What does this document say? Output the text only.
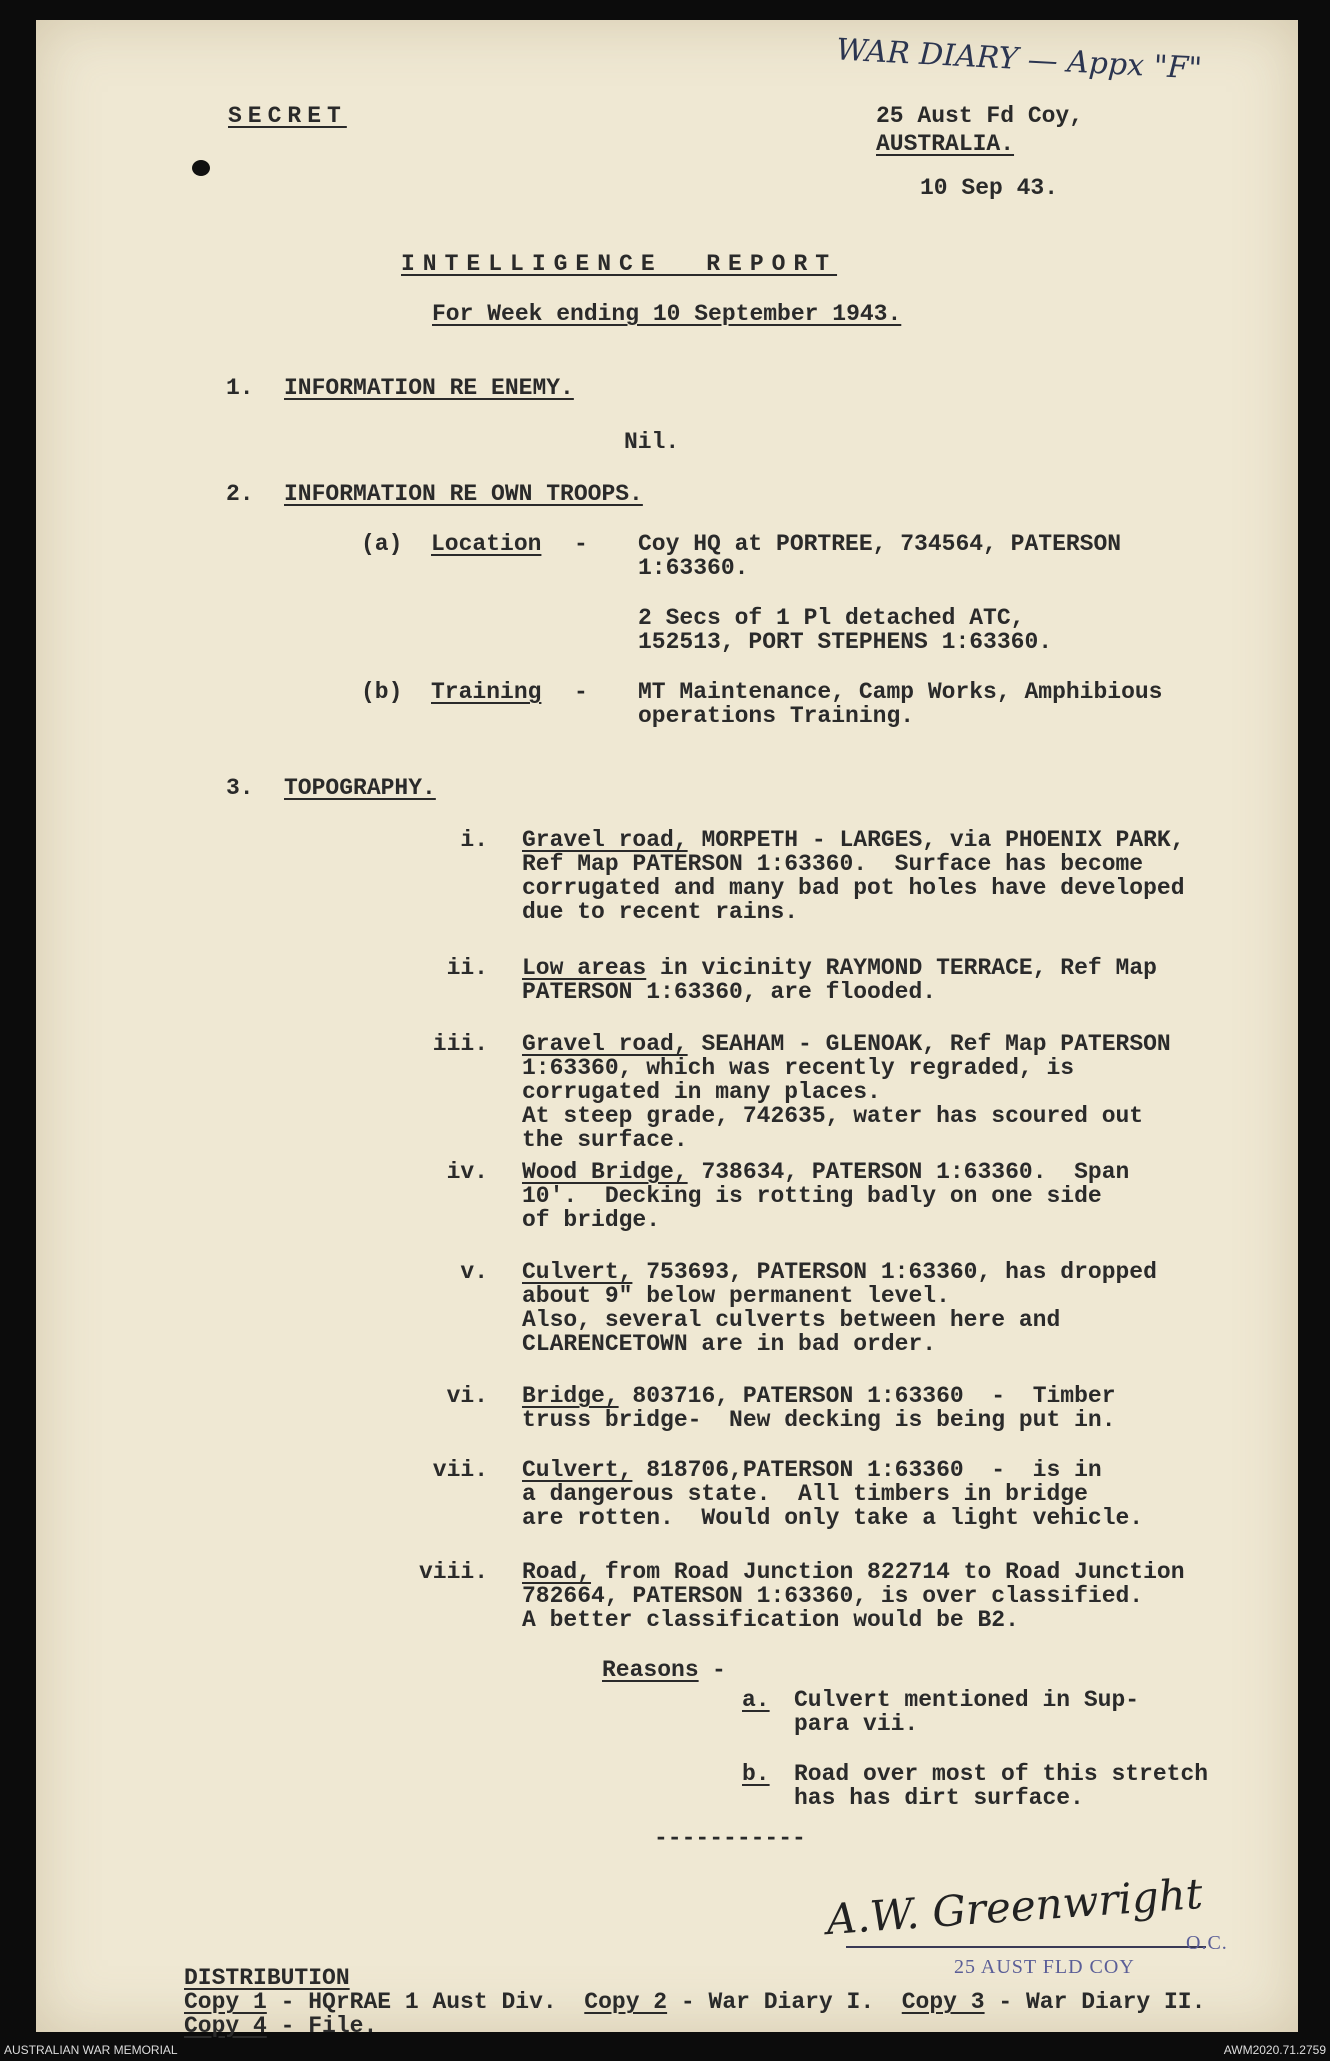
WAR DIARY — Appx "F"
SECRET	25 Aust Fd Coy,
AUSTRALIA.
10 Sep 43.
INTELLIGENCE  REPORT
For Week ending 10 September 1943.
1. INFORMATION RE ENEMY.
Nil.
2. INFORMATION RE OWN TROOPS.
(a) Location - Coy HQ at PORTREE, 734564, PATERSON
1:63360.
2 Secs of 1 Pl detached ATC,
152513, PORT STEPHENS 1:63360.
(b) Training - MT Maintenance, Camp Works, Amphibious
operations Training.
3. TOPOGRAPHY.
i. Gravel road, MORPETH - LARGES, via PHOENIX PARK,
Ref Map PATERSON 1:63360.  Surface has become
corrugated and many bad pot holes have developed
due to recent rains.
ii. Low areas in vicinity RAYMOND TERRACE, Ref Map
PATERSON 1:63360, are flooded.
iii. Gravel road, SEAHAM - GLENOAK, Ref Map PATERSON
1:63360, which was recently regraded, is
corrugated in many places.
At steep grade, 742635, water has scoured out
the surface.
iv. Wood Bridge, 738634, PATERSON 1:63360.  Span
10'.  Decking is rotting badly on one side
of bridge.
v. Culvert, 753693, PATERSON 1:63360, has dropped
about 9" below permanent level.
Also, several culverts between here and
CLARENCETOWN are in bad order.
vi. Bridge, 803716, PATERSON 1:63360  -  Timber
truss bridge-  New decking is being put in.
vii. Culvert, 818706,PATERSON 1:63360  -  is in
a dangerous state.  All timbers in bridge
are rotten.  Would only take a light vehicle.
viii. Road, from Road Junction 822714 to Road Junction
782664, PATERSON 1:63360, is over classified.
A better classification would be B2.
Reasons -
a. Culvert mentioned in Sup-
para vii.
b. Road over most of this stretch
has has dirt surface.
-----------
A.W. Greenwright
O.C.
25 AUST FLD COY
DISTRIBUTION
Copy 1 - HQrRAE 1 Aust Div.  Copy 2 - War Diary I.  Copy 3 - War Diary II.
Copy 4 - File.
AUSTRALIAN WAR MEMORIAL	AWM2020.71.2759
